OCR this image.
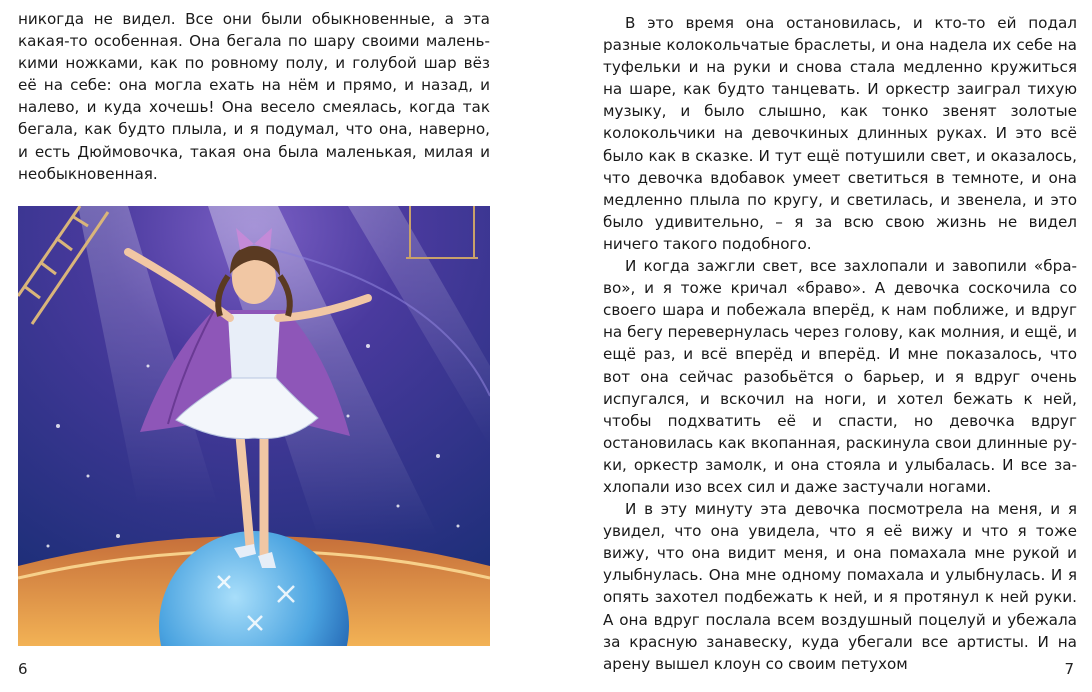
никогда не видел. Все они были обыкновенные, а эта какая-то особенная. Она бегала по шару своими маленькими ножками, как по ровному полу, и голубой шар вёз её на себе: она могла ехать на нём и прямо, и назад, и налево, и куда хочешь! Она весело смеялась, когда так бегала, как будто плыла, и я подумал, что она, наверно, и есть Дюймовочка, такая она была маленькая, милая и необыкновенная.

6

В это время она остановилась, и кто-то ей подал разные колокольчатые браслеты, и она надела их себе на туфельки и на руки и снова стала медленно кружиться на шаре, как будто танцевать. И оркестр заиграл тихую музыку, и было слышно, как тонко звенят золотые колокольчики на девочкиных длинных руках. И это всё было как в сказке. И тут ещё потушили свет, и оказалось, что девочка вдобавок умеет светиться в темноте, и она медленно плыла по кругу, и светилась, и звенела, и это было удивительно, – я за всю свою жизнь не видел ничего такого подобного.

И когда зажгли свет, все захлопали и завопили «браво», и я тоже кричал «браво». А девочка соскочила со своего шара и побежала вперёд, к нам поближе, и вдруг на бегу перевернулась через голову, как молния, и ещё, и ещё раз, и всё вперёд и вперёд. И мне показалось, что вот она сейчас разобьётся о барьер, и я вдруг очень испугался, и вскочил на ноги, и хотел бежать к ней, чтобы подхватить её и спасти, но девочка вдруг остановилась как вкопанная, раскинула свои длинные руки, оркестр замолк, и она стояла и улыбалась. И все захлопали изо всех сил и даже застучали ногами.

И в эту минуту эта девочка посмотрела на меня, и я увидел, что она увидела, что я её вижу и что я тоже вижу, что она видит меня, и она помахала мне рукой и улыбнулась. Она мне одному помахала и улыбнулась. И я опять захотел подбежать к ней, и я протянул к ней руки. А она вдруг послала всем воздушный поцелуй и убежала за красную занавеску, куда убегали все артисты. И на арену вышел клоун со своим петухом	7
